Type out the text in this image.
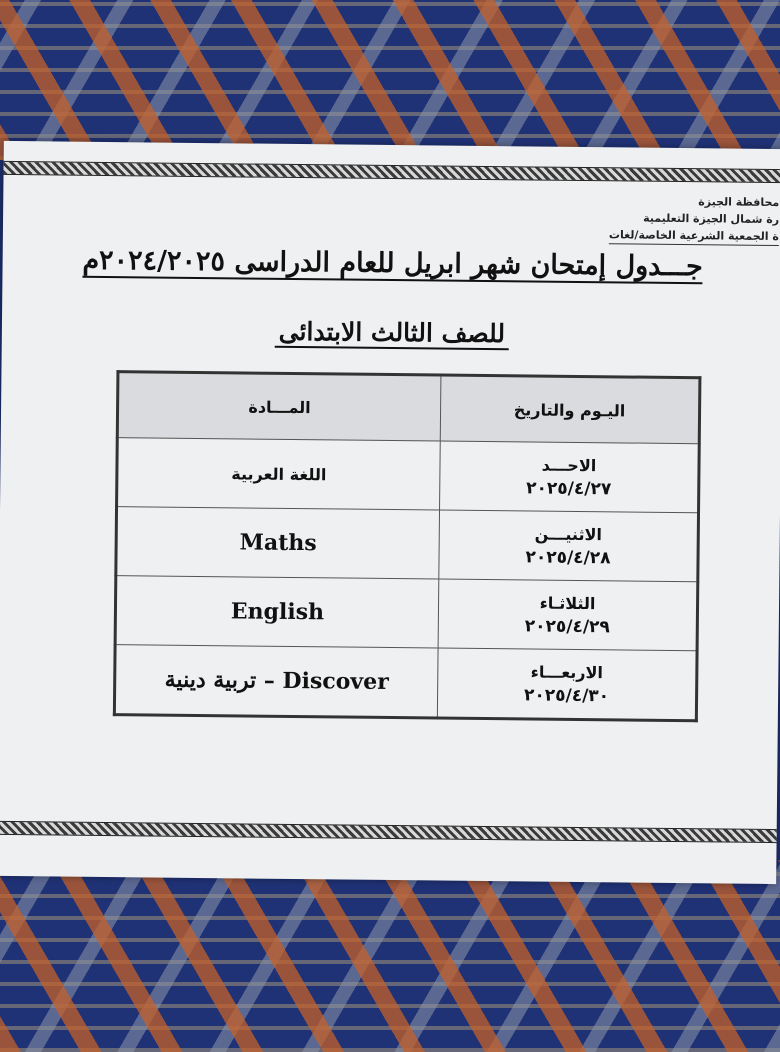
محافظة الجيزة
رة شمال الجيزة التعليمية
ة الجمعية الشرعية الخاصة/لغات
جـــدول إمتحان شهر ابريل للعام الدراسى ٢٠٢٤/٢٠٢٥م
للصف الثالث الابتدائى
اليـوم والتاريخ	المـــادة

الاحـــد
٢٠٢٥/٤/٢٧	اللغة العربية

الاثنيـــن
٢٠٢٥/٤/٢٨	Maths

الثلاثـاء
٢٠٢٥/٤/٢٩	English

الاربعـــاء
٢٠٢٥/٤/٣٠	Discover – تربية دينية
